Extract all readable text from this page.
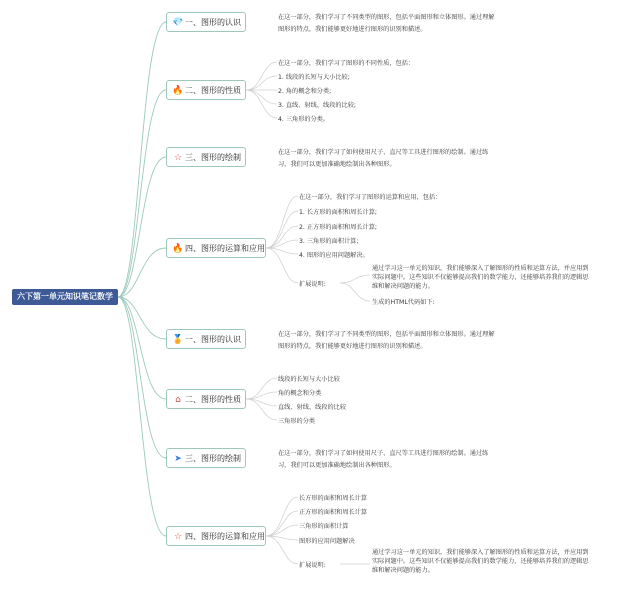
六下第一单元知识笔记数学
💎一、图形的认识
在这一部分，我们学习了不同类型的图形，包括平面图形和立体图形。通过理解
图形的特点，我们能够更好地进行图形的识别和描述。
🔥二、图形的性质
在这一部分，我们学习了图形的不同性质，包括：
1. 线段的长短与大小比较;
2. 角的概念和分类;
3. 直线、射线、线段的比较;
4. 三角形的分类。
☆ 三、图形的绘制
在这一部分，我们学习了如何使用尺子、直尺等工具进行图形的绘制。通过练
习，我们可以更加准确地绘制出各种图形。
🔥四、图形的运算和应用
在这一部分，我们学习了图形的运算和应用，包括：
1. 长方形的面积和周长计算;
2. 正方形的面积和周长计算;
3. 三角形的面积计算;
4. 图形的应用问题解决。
扩展说明:
通过学习这一单元的知识，我们能够深入了解图形的性质和运算方法，并应用到
实际问题中。这些知识不仅能够提高我们的数学能力，还能够培养我们的逻辑思
维和解决问题的能力。
生成的HTML代码如下:
🏅一、图形的认识
在这一部分，我们学习了不同类型的图形，包括平面图形和立体图形。通过理解
图形的特点，我们能够更好地进行图形的识别和描述。
⌂ 二、图形的性质
线段的长短与大小比较
角的概念和分类
直线、射线、线段的比较
三角形的分类
➤ 三、图形的绘制
在这一部分，我们学习了如何使用尺子、直尺等工具进行图形的绘制。通过练
习，我们可以更加准确地绘制出各种图形。
☆ 四、图形的运算和应用
长方形的面积和周长计算
正方形的面积和周长计算
三角形的面积计算
图形的应用问题解决
扩展说明:
通过学习这一单元的知识，我们能够深入了解图形的性质和运算方法，并应用到
实际问题中。这些知识不仅能够提高我们的数学能力，还能够培养我们的逻辑思
维和解决问题的能力。
